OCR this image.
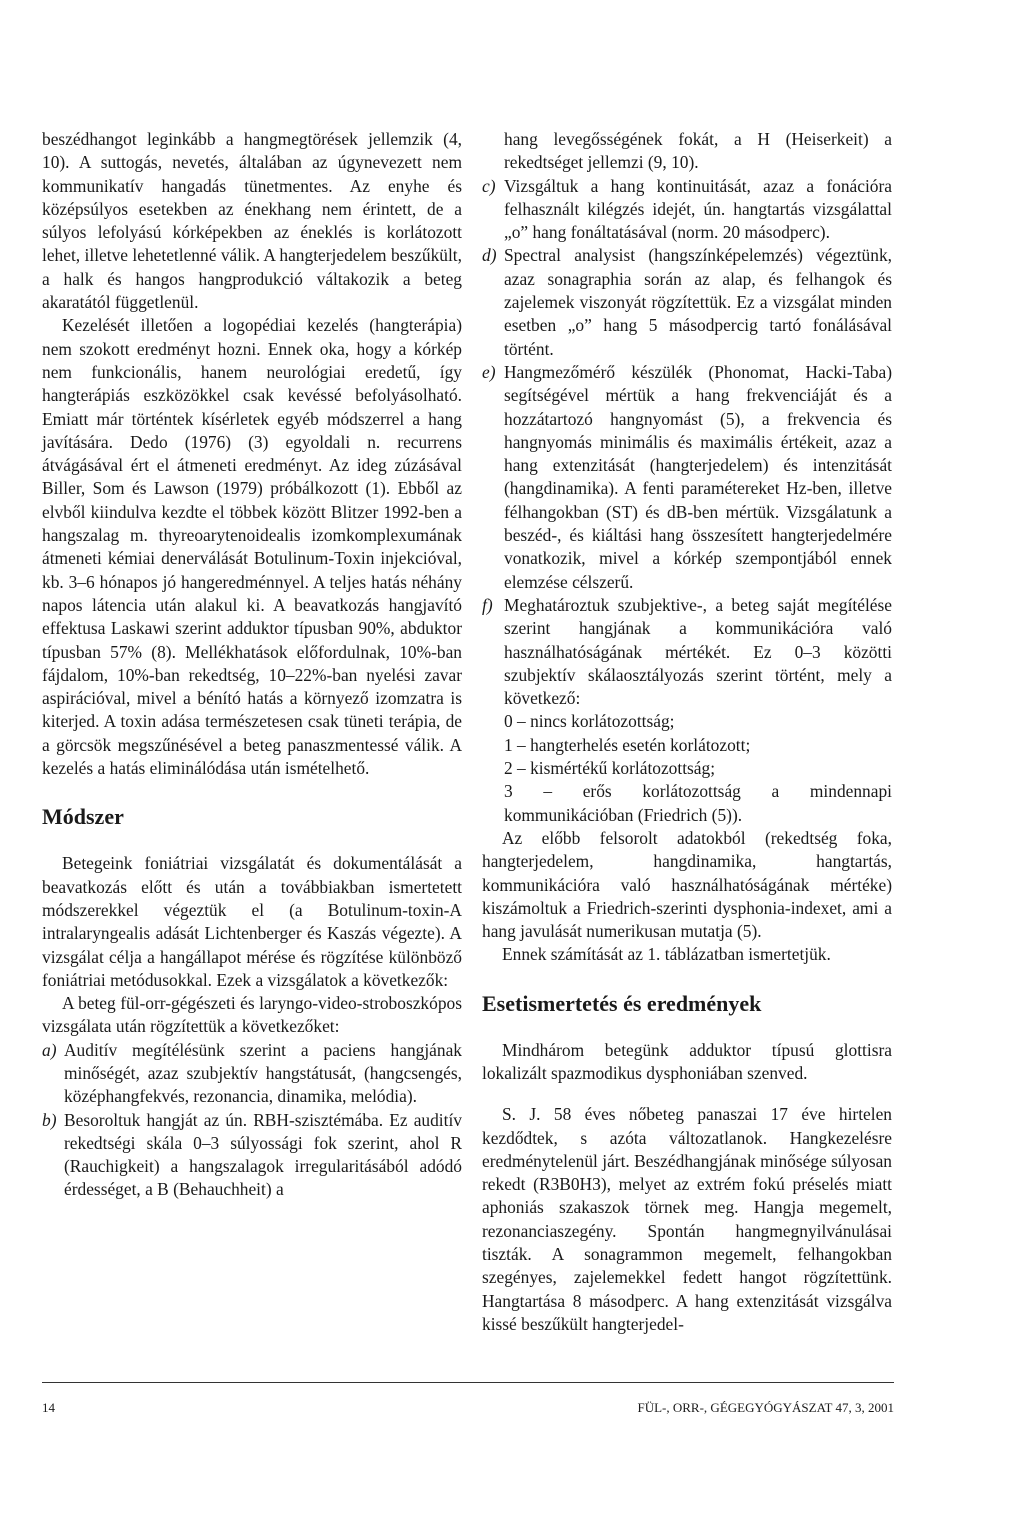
beszédhangot leginkább a hangmegtörések jellemzik (4, 10). A suttogás, nevetés, általában az úgynevezett nem kommunikatív hangadás tünetmentes. Az enyhe és középsúlyos esetekben az énekhang nem érintett, de a súlyos lefolyású kórképekben az éneklés is korlátozott lehet, illetve lehetetlenné válik. A hangterjedelem beszűkült, a halk és hangos hangprodukció váltakozik a beteg akaratától függetlenül.

Kezelését illetően a logopédiai kezelés (hangterápia) nem szokott eredményt hozni. Ennek oka, hogy a kórkép nem funkcionális, hanem neurológiai eredetű, így hangterápiás eszközökkel csak kevéssé befolyásolható. Emiatt már történtek kísérletek egyéb módszerrel a hang javítására. Dedo (1976) (3) egyoldali n. recurrens átvágásával ért el átmeneti eredményt. Az ideg zúzásával Biller, Som és Lawson (1979) próbálkozott (1). Ebből az elvből kiindulva kezdte el többek között Blitzer 1992-ben a hangszalag m. thyreoarytenoidealis izomkomplexumának átmeneti kémiai denerválását Botulinum-Toxin injekcióval, kb. 3–6 hónapos jó hangeredménnyel. A teljes hatás néhány napos látencia után alakul ki. A beavatkozás hangjavító effektusa Laskawi szerint adduktor típusban 90%, abduktor típusban 57% (8). Mellékhatások előfordulnak, 10%-ban fájdalom, 10%-ban rekedtség, 10–22%-ban nyelési zavar aspirációval, mivel a bénító hatás a környező izomzatra is kiterjed. A toxin adása természetesen csak tüneti terápia, de a görcsök megszűnésével a beteg panaszmentessé válik. A kezelés a hatás eliminálódása után ismételhető.

Módszer

Betegeink foniátriai vizsgálatát és dokumentálását a beavatkozás előtt és után a továbbiakban ismertetett módszerekkel végeztük el (a Botulinum-toxin-A intralaryngealis adását Lichtenberger és Kaszás végezte). A vizsgálat célja a hangállapot mérése és rögzítése különböző foniátriai metódusokkal. Ezek a vizsgálatok a következők:

A beteg fül-orr-gégészeti és laryngo-video-stroboszkópos vizsgálata után rögzítettük a következőket:

a) Auditív megítélésünk szerint a paciens hangjának minőségét, azaz szubjektív hangstátusát, (hangcsengés, középhangfekvés, rezonancia, dinamika, melódia).
b) Besoroltuk hangját az ún. RBH-szisztémába. Ez auditív rekedtségi skála 0–3 súlyossági fok szerint, ahol R (Rauchigkeit) a hangszalagok irregularitásából adódó érdességet, a B (Behauchheit) a

hang levegősségének fokát, a H (Heiserkeit) a rekedtséget jellemzi (9, 10).

c) Vizsgáltuk a hang kontinuitását, azaz a fonációra felhasznált kilégzés idejét, ún. hangtartás vizsgálattal „o” hang fonáltatásával (norm. 20 másodperc).
d) Spectral analysist (hangszínképelemzés) végeztünk, azaz sonagraphia során az alap, és felhangok és zajelemek viszonyát rögzítettük. Ez a vizsgálat minden esetben „o” hang 5 másodpercig tartó fonálásával történt.
e) Hangmezőmérő készülék (Phonomat, Hacki-Taba) segítségével mértük a hang frekvenciáját és a hozzátartozó hangnyomást (5), a frekvencia és hangnyomás minimális és maximális értékeit, azaz a hang extenzitását (hangterjedelem) és intenzitását (hangdinamika). A fenti paramétereket Hz-ben, illetve félhangokban (ST) és dB-ben mértük. Vizsgálatunk a beszéd-, és kiáltási hang összesített hangterjedelmére vonatkozik, mivel a kórkép szempontjából ennek elemzése célszerű.
f) Meghatároztuk szubjektive-, a beteg saját megítélése szerint hangjának a kommunikációra való használhatóságának mértékét. Ez 0–3 közötti szubjektív skálaosztályozás szerint történt, mely a következő:
0 – nincs korlátozottság;
1 – hangterhelés esetén korlátozott;
2 – kismértékű korlátozottság;
3 – erős korlátozottság a mindennapi kommunikációban (Friedrich (5)).

Az előbb felsorolt adatokból (rekedtség foka, hangterjedelem, hangdinamika, hangtartás, kommunikációra való használhatóságának mértéke) kiszámoltuk a Friedrich-szerinti dysphonia-indexet, ami a hang javulását numerikusan mutatja (5).

Ennek számítását az 1. táblázatban ismertetjük.

Esetismertetés és eredmények

Mindhárom betegünk adduktor típusú glottisra lokalizált spazmodikus dysphoniában szenved.

S. J. 58 éves nőbeteg panaszai 17 éve hirtelen kezdődtek, s azóta változatlanok. Hangkezelésre eredménytelenül járt. Beszédhangjának minősége súlyosan rekedt (R3B0H3), melyet az extrém fokú préselés miatt aphoniás szakaszok törnek meg. Hangja megemelt, rezonanciaszegény. Spontán hangmegnyilvánulásai tiszták. A sonagrammon megemelt, felhangokban szegényes, zajelemekkel fedett hangot rögzítettünk. Hangtartása 8 másodperc. A hang extenzitását vizsgálva kissé beszűkült hangterjedel-

14	FÜL-, ORR-, GÉGEGYÓGYÁSZAT 47, 3, 2001
